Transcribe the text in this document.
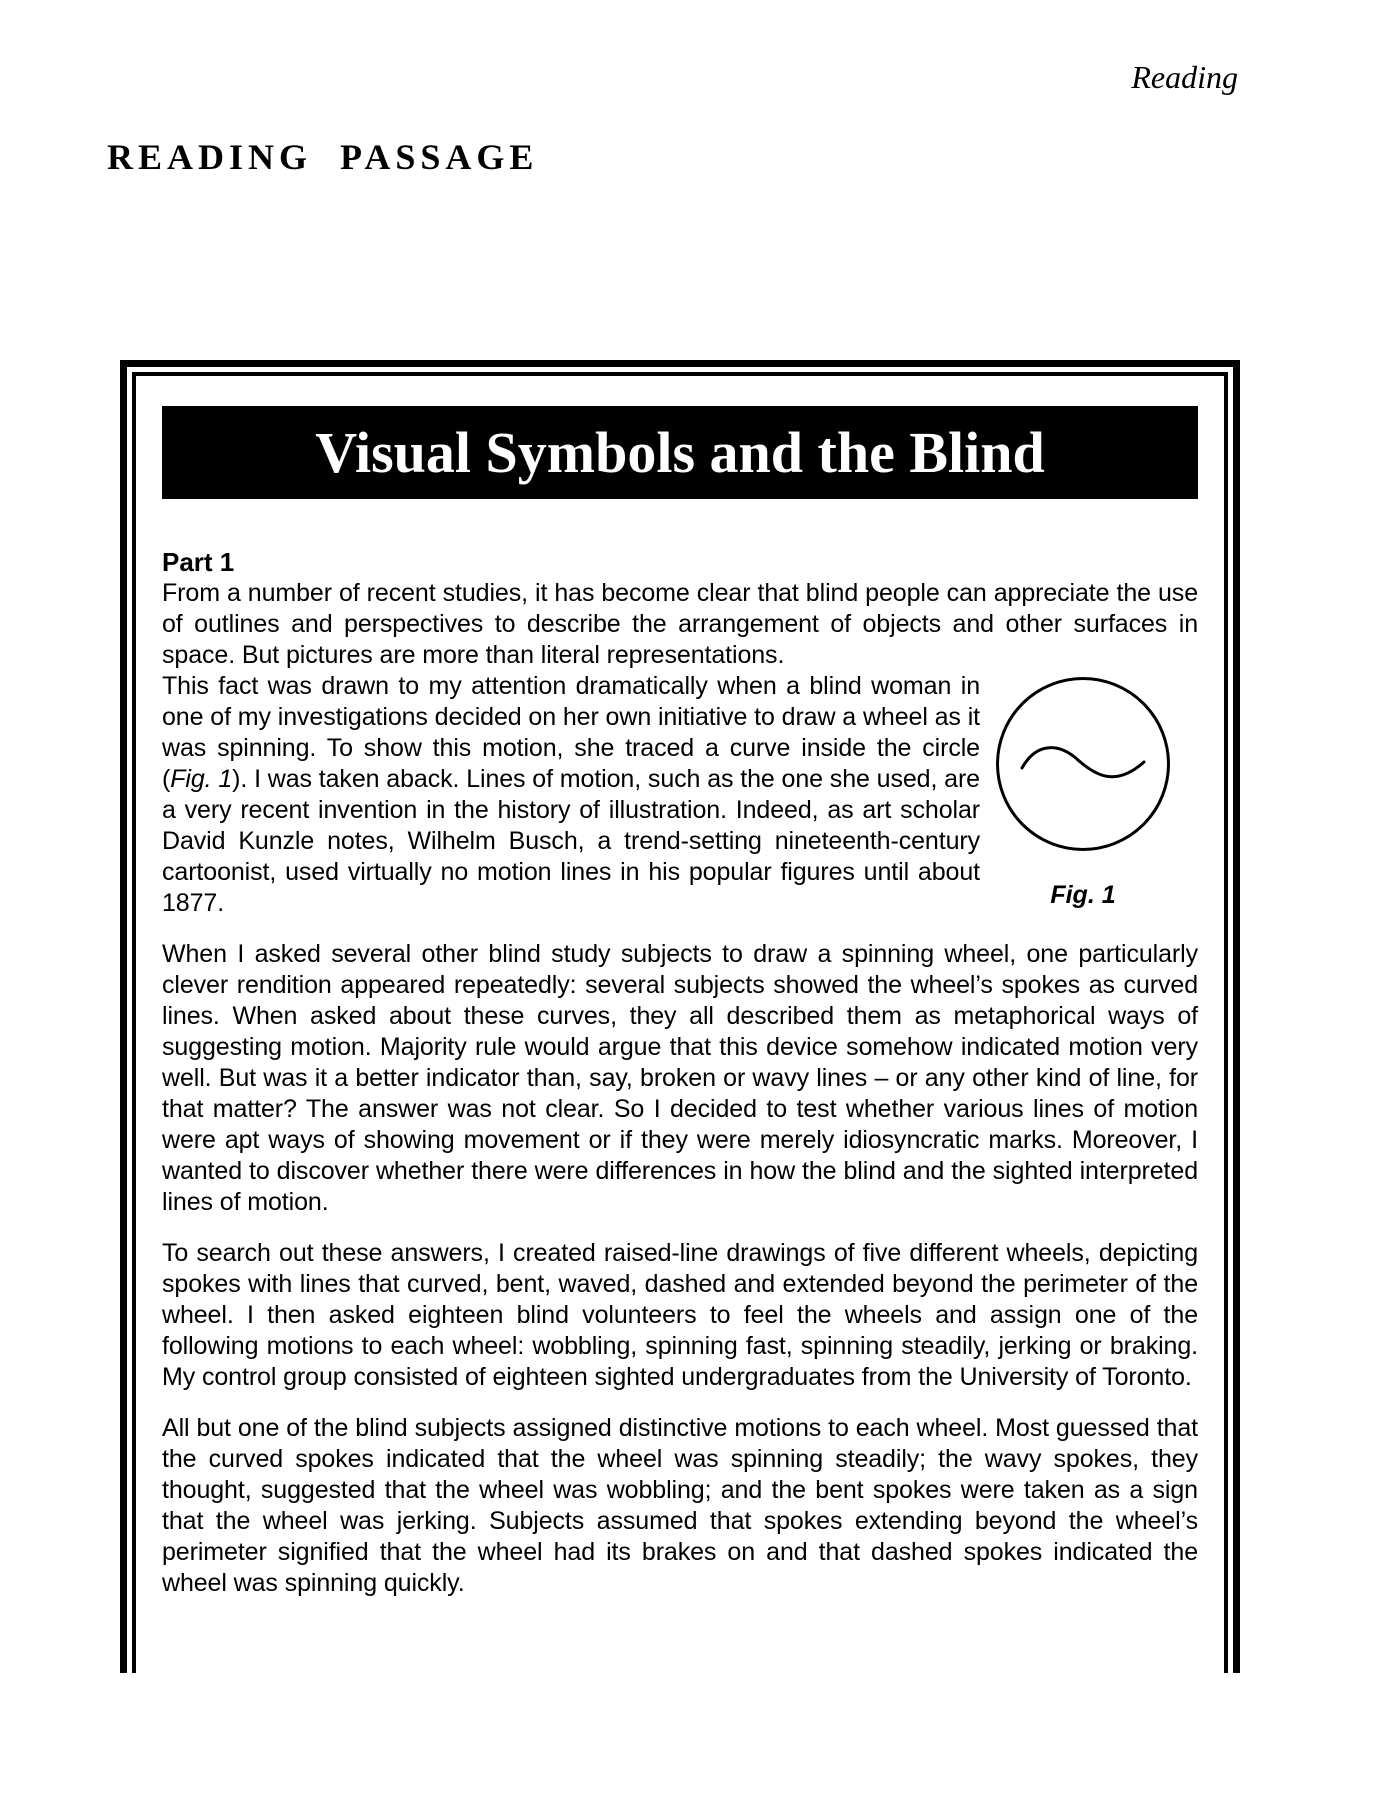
Reading
READING PASSAGE
Visual Symbols and the Blind
Part 1

From a number of recent studies, it has become clear that blind people can appreciate the use of outlines and perspectives to describe the arrangement of objects and other surfaces in space. But pictures are more than literal representations.

This fact was drawn to my attention dramatically when a blind woman in one of my investigations decided on her own initiative to draw a wheel as it was spinning. To show this motion, she traced a curve inside the circle (Fig. 1). I was taken aback. Lines of motion, such as the one she used, are a very recent invention in the history of illustration. Indeed, as art scholar David Kunzle notes, Wilhelm Busch, a trend-setting nineteenth-century cartoonist, used virtually no motion lines in his popular figures until about 1877.	Fig. 1

When I asked several other blind study subjects to draw a spinning wheel, one particularly clever rendition appeared repeatedly: several subjects showed the wheel’s spokes as curved lines. When asked about these curves, they all described them as metaphorical ways of suggesting motion. Majority rule would argue that this device somehow indicated motion very well. But was it a better indicator than, say, broken or wavy lines – or any other kind of line, for that matter? The answer was not clear. So I decided to test whether various lines of motion were apt ways of showing movement or if they were merely idiosyncratic marks. Moreover, I wanted to discover whether there were differences in how the blind and the sighted interpreted lines of motion.

To search out these answers, I created raised-line drawings of five different wheels, depicting spokes with lines that curved, bent, waved, dashed and extended beyond the perimeter of the wheel. I then asked eighteen blind volunteers to feel the wheels and assign one of the following motions to each wheel: wobbling, spinning fast, spinning steadily, jerking or braking. My control group consisted of eighteen sighted undergraduates from the University of Toronto.

All but one of the blind subjects assigned distinctive motions to each wheel. Most guessed that the curved spokes indicated that the wheel was spinning steadily; the wavy spokes, they thought, suggested that the wheel was wobbling; and the bent spokes were taken as a sign that the wheel was jerking. Subjects assumed that spokes extending beyond the wheel’s perimeter signified that the wheel had its brakes on and that dashed spokes indicated the wheel was spinning quickly.
